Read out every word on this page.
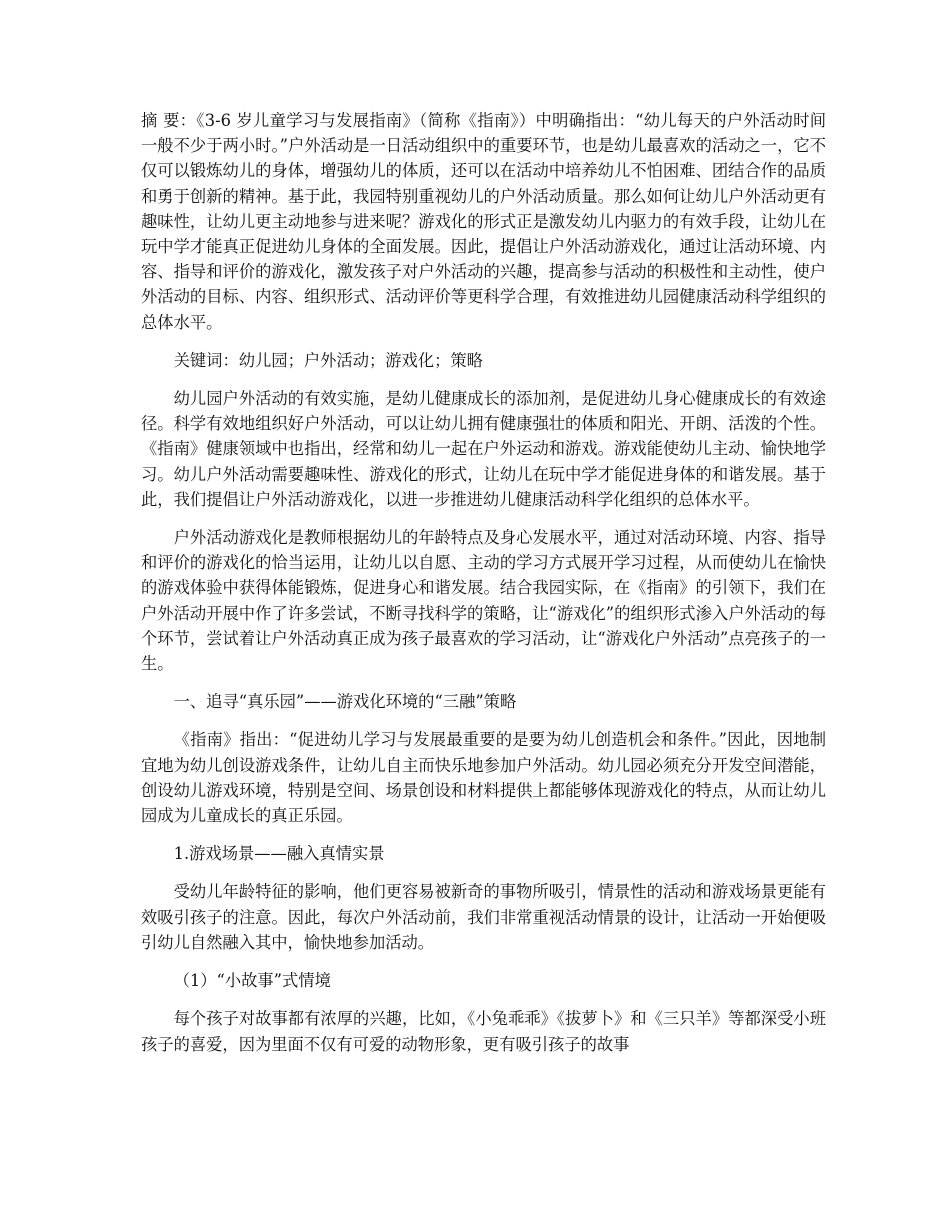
摘 要：《3-6 岁儿童学习与发展指南》（简称《指南》）中明确指出：“幼儿每天的户外活动时间一般不少于两小时。”户外活动是一日活动组织中的重要环节，也是幼儿最喜欢的活动之一，它不仅可以锻炼幼儿的身体，增强幼儿的体质，还可以在活动中培养幼儿不怕困难、团结合作的品质和勇于创新的精神。基于此，我园特别重视幼儿的户外活动质量。那么如何让幼儿户外活动更有趣味性，让幼儿更主动地参与进来呢？游戏化的形式正是激发幼儿内驱力的有效手段，让幼儿在玩中学才能真正促进幼儿身体的全面发展。因此，提倡让户外活动游戏化，通过让活动环境、内容、指导和评价的游戏化，激发孩子对户外活动的兴趣，提高参与活动的积极性和主动性，使户外活动的目标、内容、组织形式、活动评价等更科学合理，有效推进幼儿园健康活动科学组织的总体水平。

关键词：幼儿园；户外活动；游戏化；策略

幼儿园户外活动的有效实施，是幼儿健康成长的添加剂，是促进幼儿身心健康成长的有效途径。科学有效地组织好户外活动，可以让幼儿拥有健康强壮的体质和阳光、开朗、活泼的个性。《指南》健康领域中也指出，经常和幼儿一起在户外运动和游戏。游戏能使幼儿主动、愉快地学习。幼儿户外活动需要趣味性、游戏化的形式，让幼儿在玩中学才能促进身体的和谐发展。基于此，我们提倡让户外活动游戏化，以进一步推进幼儿健康活动科学化组织的总体水平。

户外活动游戏化是教师根据幼儿的年龄特点及身心发展水平，通过对活动环境、内容、指导和评价的游戏化的恰当运用，让幼儿以自愿、主动的学习方式展开学习过程，从而使幼儿在愉快的游戏体验中获得体能锻炼，促进身心和谐发展。结合我园实际，在《指南》的引领下，我们在户外活动开展中作了许多尝试，不断寻找科学的策略，让“游戏化”的组织形式渗入户外活动的每个环节，尝试着让户外活动真正成为孩子最喜欢的学习活动，让“游戏化户外活动”点亮孩子的一生。

一、追寻“真乐园”——游戏化环境的“三融”策略

《指南》指出：“促进幼儿学习与发展最重要的是要为幼儿创造机会和条件。”因此，因地制宜地为幼儿创设游戏条件，让幼儿自主而快乐地参加户外活动。幼儿园必须充分开发空间潜能，创设幼儿游戏环境，特别是空间、场景创设和材料提供上都能够体现游戏化的特点，从而让幼儿园成为儿童成长的真正乐园。

1.游戏场景——融入真情实景

受幼儿年龄特征的影响，他们更容易被新奇的事物所吸引，情景性的活动和游戏场景更能有效吸引孩子的注意。因此，每次户外活动前，我们非常重视活动情景的设计，让活动一开始便吸引幼儿自然融入其中，愉快地参加活动。

（1）“小故事”式情境

每个孩子对故事都有浓厚的兴趣，比如，《小兔乖乖》《拔萝卜》和《三只羊》等都深受小班孩子的喜爱，因为里面不仅有可爱的动物形象，更有吸引孩子的故事
